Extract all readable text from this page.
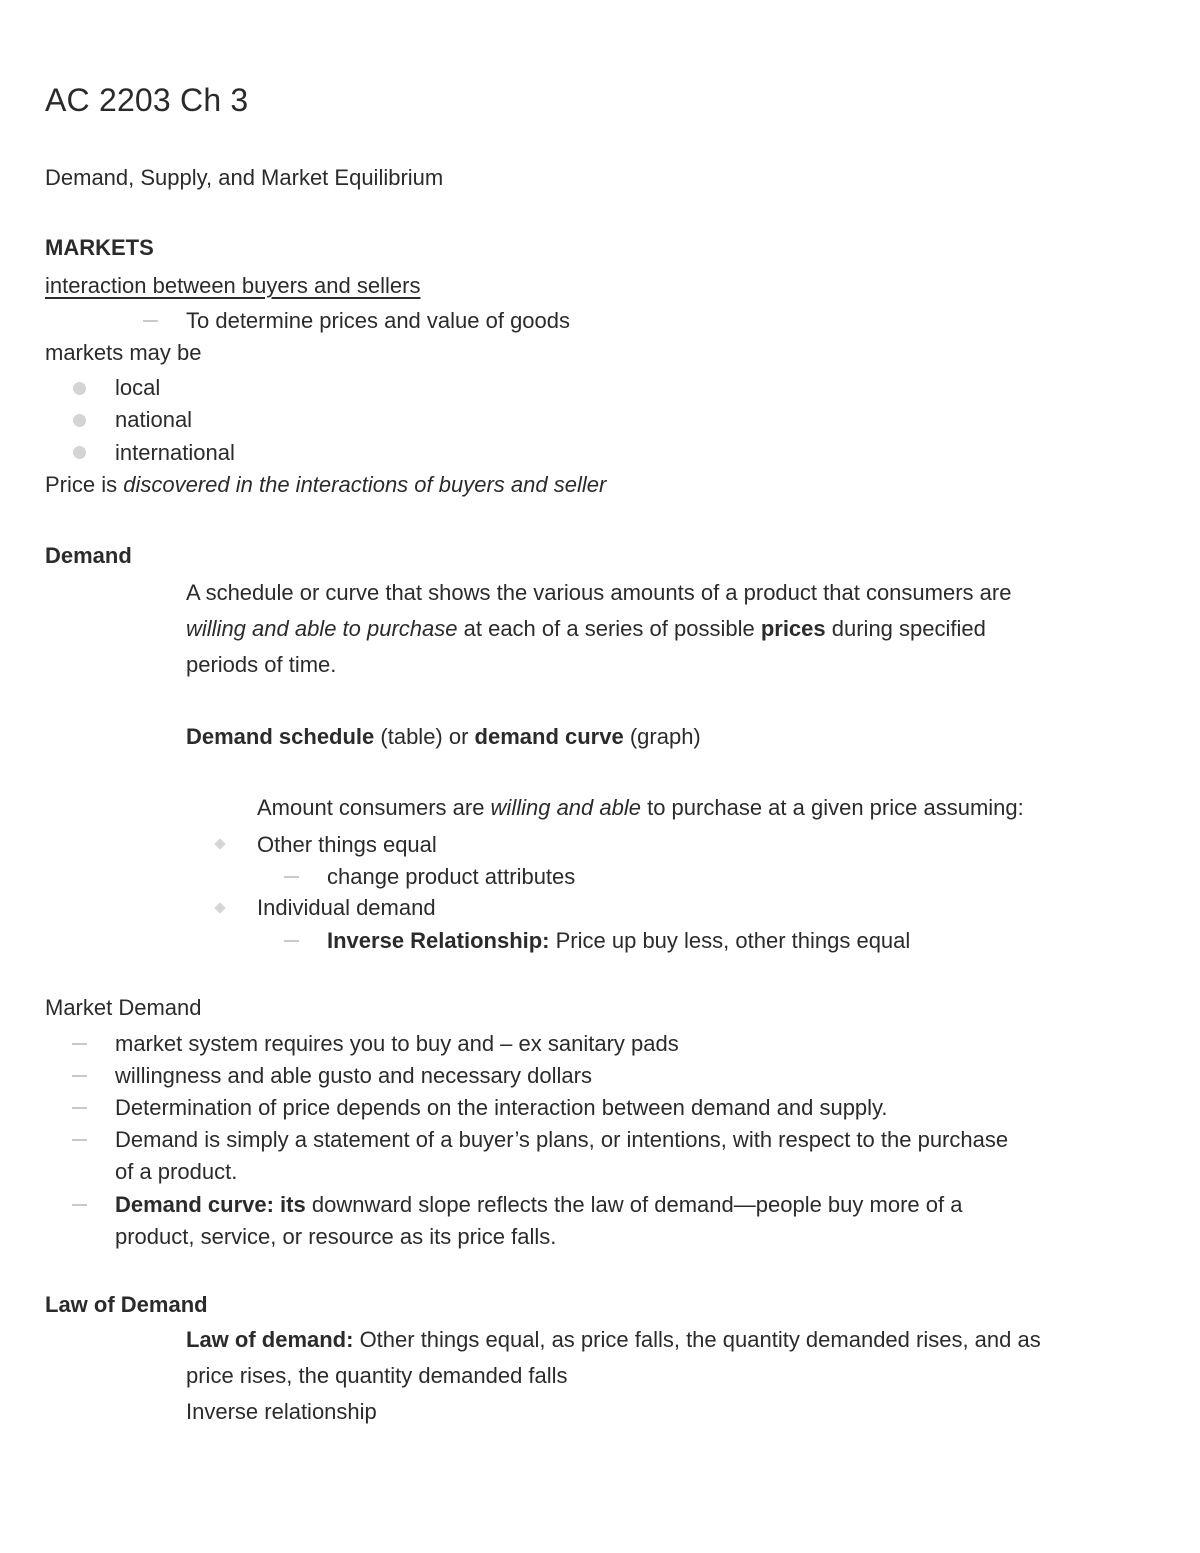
AC 2203 Ch 3
Demand, Supply, and Market Equilibrium
MARKETS
interaction between buyers and sellers
To determine prices and value of goods
markets may be
local
national
international
Price is discovered in the interactions of buyers and seller
Demand
A schedule or curve that shows the various amounts of a product that consumers are
willing and able to purchase at each of a series of possible prices during specified
periods of time.
Demand schedule (table) or demand curve (graph)
Amount consumers are willing and able to purchase at a given price assuming:
Other things equal
change product attributes
Individual demand
Inverse Relationship: Price up buy less, other things equal
Market Demand
market system requires you to buy and – ex sanitary pads
willingness and able gusto and necessary dollars
Determination of price depends on the interaction between demand and supply.
Demand is simply a statement of a buyer’s plans, or intentions, with respect to the purchase
of a product.
Demand curve: its downward slope reflects the law of demand—people buy more of a
product, service, or resource as its price falls.
Law of Demand
Law of demand: Other things equal, as price falls, the quantity demanded rises, and as
price rises, the quantity demanded falls
Inverse relationship
